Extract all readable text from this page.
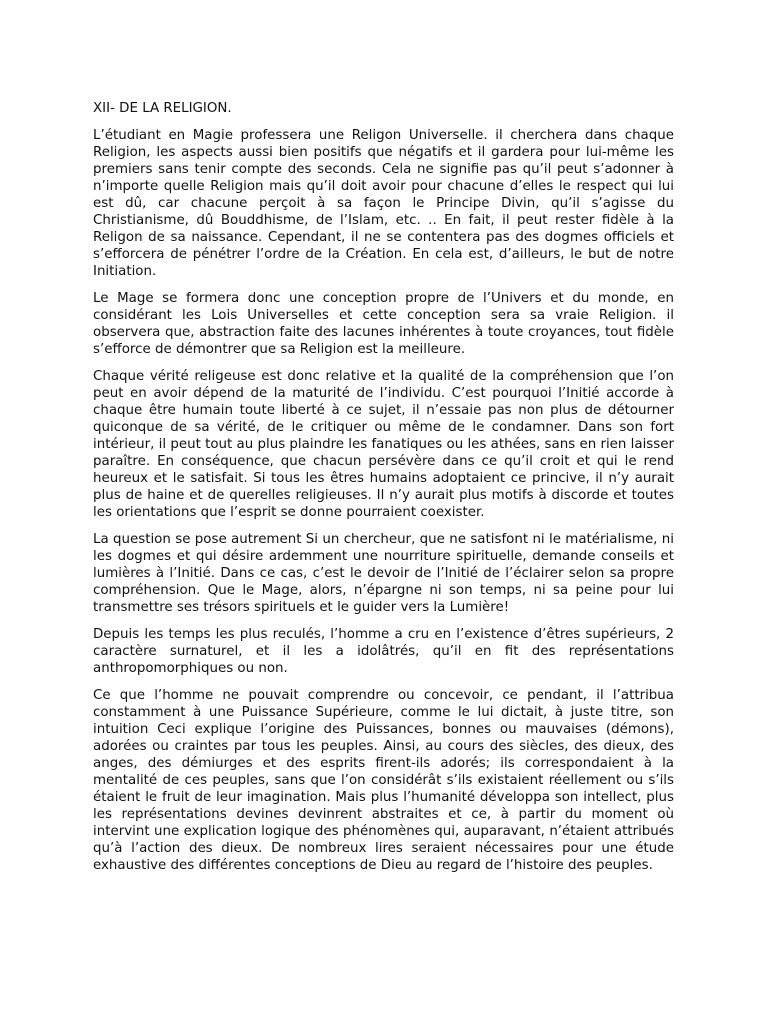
XII- DE LA RELIGION.

L’étudiant en Magie professera une Religon Universelle. il cherchera dans chaque Religion, les aspects aussi bien positifs que négatifs et il gardera pour lui-même les premiers sans tenir compte des seconds. Cela ne signifie pas qu’il peut s’adonner à n’importe quelle Religion mais qu’il doit avoir pour chacune d’elles le respect qui lui est dû, car chacune perçoit à sa façon le Principe Divin, qu’il s’agisse du Christianisme, dû Bouddhisme, de l’Islam, etc. .. En fait, il peut rester fidèle à la Religon de sa naissance. Cependant, il ne se contentera pas des dogmes officiels et s’efforcera de pénétrer l’ordre de la Création. En cela est, d’ailleurs, le but de notre Initiation.

Le Mage se formera donc une conception propre de l’Univers et du monde, en considérant les Lois Universelles et cette conception sera sa vraie Religion. il observera que, abstraction faite des lacunes inhérentes à toute croyances, tout fidèle s’efforce de démontrer que sa Religion est la meilleure.

Chaque vérité religeuse est donc relative et la qualité de la compréhension que l’on peut en avoir dépend de la maturité de l’individu. C’est pourquoi l’Initié accorde à chaque être humain toute liberté à ce sujet, il n’essaie pas non plus de détourner quiconque de sa vérité, de le critiquer ou même de le condamner. Dans son fort intérieur, il peut tout au plus plaindre les fanatiques ou les athées, sans en rien laisser paraître. En conséquence, que chacun persévère dans ce qu’il croit et qui le rend heureux et le satisfait. Si tous les êtres humains adoptaient ce princive, il n’y aurait plus de haine et de querelles religieuses. Il n’y aurait plus motifs à discorde et toutes les orientations que l’esprit se donne pourraient coexister.

La question se pose autrement Si un chercheur, que ne satisfont ni le matérialisme, ni les dogmes et qui désire ardemment une nourriture spirituelle, demande conseils et lumières à l’Initié. Dans ce cas, c’est le devoir de l’Initié de l’éclairer selon sa propre compréhension. Que le Mage, alors, n’épargne ni son temps, ni sa peine pour lui transmettre ses trésors spirituels et le guider vers la Lumière!

Depuis les temps les plus reculés, l’homme a cru en l’existence d’êtres supérieurs, 2 caractère surnaturel, et il les a idolâtrés, qu’il en fit des représentations anthropomorphiques ou non.

Ce que l’homme ne pouvait comprendre ou concevoir, ce pendant, il l’attribua constamment à une Puissance Supérieure, comme le lui dictait, à juste titre, son intuition Ceci explique l’origine des Puissances, bonnes ou mauvaises (démons), adorées ou craintes par tous les peuples. Ainsi, au cours des siècles, des dieux, des anges, des démiurges et des esprits firent-ils adorés; ils correspondaient à la mentalité de ces peuples, sans que l’on considérât s’ils existaient réellement ou s’ils étaient le fruit de leur imagination. Mais plus l’humanité développa son intellect, plus les représentations devines devinrent abstraites et ce, à partir du moment où intervint une explication logique des phénomènes qui, auparavant, n’étaient attribués qu’à l’action des dieux. De nombreux lires seraient nécessaires pour une étude exhaustive des différentes conceptions de Dieu au regard de l’histoire des peuples.
